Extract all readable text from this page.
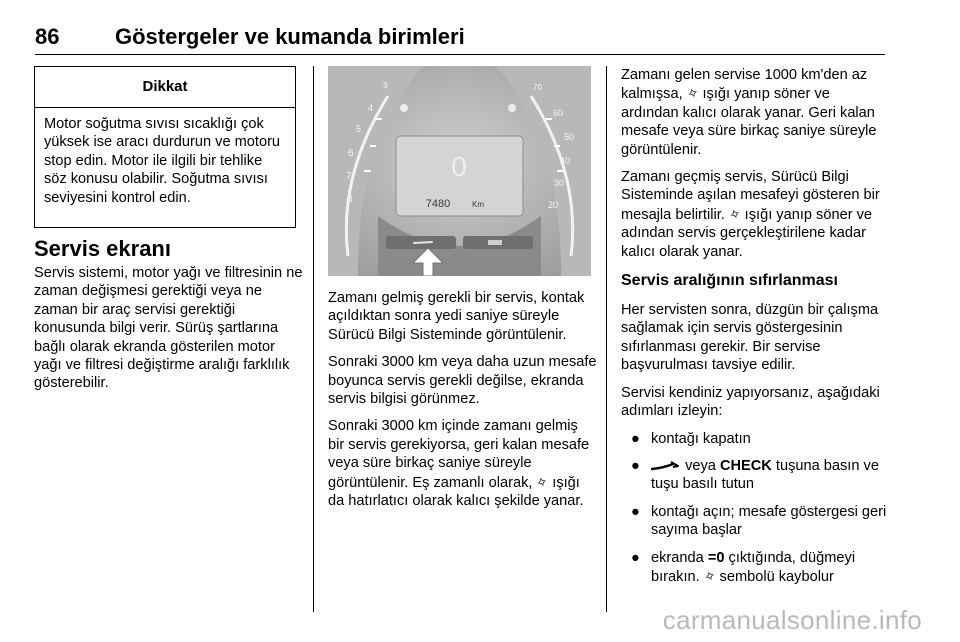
86	Göstergeler ve kumanda birimleri
Dikkat
Motor soğutma sıvısı sıcaklığı çok yüksek ise aracı durdurun ve motoru stop edin. Motor ile ilgili bir tehlike söz konusu olabilir. Soğutma sıvısı seviyesini kontrol edin.
Servis ekranı

Servis sistemi, motor yağı ve filtresinin ne zaman değişmesi gerektiği veya ne zaman bir araç servisi gerektiği konusunda bilgi verir. Sürüş şartlarına bağlı olarak ekranda gösterilen motor yağı ve filtresi değiştirme aralığı farklılık gösterebilir.

3
4
5
6
7
8
70
60
50
40
30
20
0
7480	Km

Zamanı gelmiş gerekli bir servis, kontak açıldıktan sonra yedi saniye süreyle Sürücü Bilgi Sisteminde görüntülenir.

Sonraki 3000 km veya daha uzun mesafe boyunca servis gerekli değilse, ekranda servis bilgisi görünmez.

Sonraki 3000 km içinde zamanı gelmiş bir servis gerekiyorsa, geri kalan mesafe veya süre birkaç saniye süreyle görüntülenir. Eş zamanlı olarak, ✧ ışığı da hatırlatıcı olarak kalıcı şekilde yanar.

Zamanı gelen servise 1000 km'den az kalmışsa, ✧ ışığı yanıp söner ve ardından kalıcı olarak yanar. Geri kalan mesafe veya süre birkaç saniye süreyle görüntülenir.

Zamanı geçmiş servis, Sürücü Bilgi Sisteminde aşılan mesafeyi gösteren bir mesajla belirtilir. ✧ ışığı yanıp söner ve adından servis gerçekleştirilene kadar kalıcı olarak yanar.

Servis aralığının sıfırlanması

Her servisten sonra, düzgün bir çalışma sağlamak için servis göstergesinin sıfırlanması gerekir. Bir servise başvurulması tavsiye edilir.

Servisi kendiniz yapıyorsanız, aşağıdaki adımları izleyin:

● kontağı kapatın
●	veya CHECK tuşuna basın ve tuşu basılı tutun
● kontağı açın; mesafe göstergesi geri sayıma başlar
● ekranda =0 çıktığında, düğmeyi bırakın. ✧ sembolü kaybolur
carmanualsonline.info
